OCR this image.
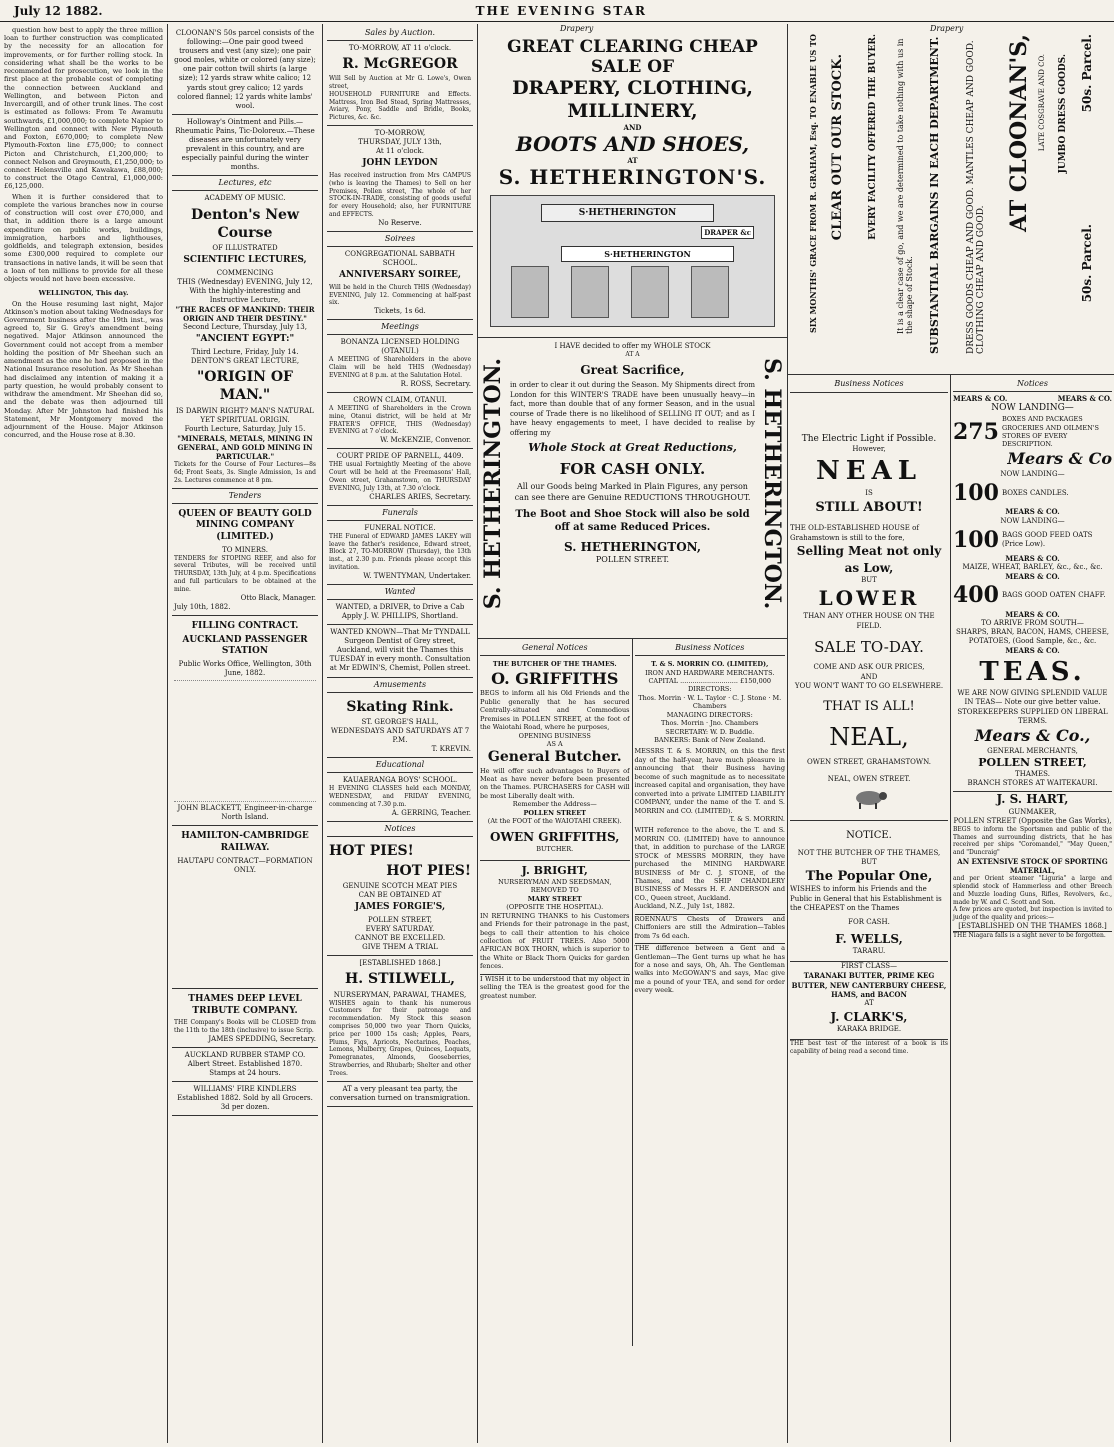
July 12 1882.	THE EVENING STAR
Drapery	Drapery

question how best to apply the three million loan to further construction was complicated by the necessity for an allocation for improvements, or for further rolling stock. In considering what shall be the works to be recommended for prosecution, we look in the first place at the probable cost of completing the connection between Auckland and Wellington, and between Picton and Invercargill, and of other trunk lines. The cost is estimated as follows: From Te Awamutu southwards, £1,000,000; to complete Napier to Wellington and connect with New Plymouth and Foxton, £670,000; to complete New Plymouth-Foxton line £75,000; to connect Picton and Christchurch, £1,200,000; to connect Nelson and Greymouth, £1,250,000; to connect Helensville and Kawakawa, £88,000; to construct the Otago Central, £1,000,000: £6,125,000.

When it is further considered that to complete the various branches now in course of construction will cost over £70,000, and that, in addition there is a large amount expenditure on public works, buildings, immigration, harbors and lighthouses, goldfields, and telegraph extension, besides some £300,000 required to complete our transactions in native lands, it will be seen that a loan of ten millions to provide for all these objects would not have been excessive.

WELLINGTON, This day.

On the House resuming last night, Major Atkinson's motion about taking Wednesdays for Government business after the 19th inst., was agreed to, Sir G. Grey's amendment being negatived. Major Atkinson announced the Government could not accept from a member holding the position of Mr Sheehan such an amendment as the one he had proposed in the National Insurance resolution. As Mr Sheehan had disclaimed any intention of making it a party question, he would probably consent to withdraw the amendment. Mr Sheehan did so, and the debate was then adjourned till Monday. After Mr Johnston had finished his Statement, Mr Montgomery moved the adjournment of the House. Major Atkinson concurred, and the House rose at 8.30.

CLOONAN'S 50s parcel consists of the following:—One pair good tweed trousers and vest (any size); one pair good moles, white or colored (any size); one pair cotton twill shirts (a large size); 12 yards straw white calico; 12 yards stout grey calico; 12 yards colored flannel; 12 yards white lambs' wool.
Holloway's Ointment and Pills.—Rheumatic Pains, Tic-Doloreux.—These diseases are unfortunately very prevalent in this country, and are especially painful during the winter months.
Lectures, etc
ACADEMY OF MUSIC.
Denton's New Course
OF ILLUSTRATED
SCIENTIFIC LECTURES,
COMMENCING
THIS (Wednesday) EVENING, July 12, With the highly-interesting and Instructive Lecture,
"THE RACES OF MANKIND: THEIR ORIGIN AND THEIR DESTINY."
Second Lecture, Thursday, July 13,
"ANCIENT EGYPT:"
Third Lecture, Friday, July 14. DENTON'S GREAT LECTURE,
"ORIGIN OF MAN."
IS DARWIN RIGHT? MAN'S NATURAL YET SPIRITUAL ORIGIN.
Fourth Lecture, Saturday, July 15.
"MINERALS, METALS, MINING IN GENERAL, AND GOLD MINING IN PARTICULAR."
Tickets for the Course of Four Lectures—8s 6d; Front Seats, 3s. Single Admission, 1s and 2s. Lectures commence at 8 pm.
Tenders
QUEEN OF BEAUTY GOLD MINING COMPANY (LIMITED.)
TO MINERS.
TENDERS for STOPING REEF, and also for several Tributes, will be received until THURSDAY, 13th July, at 4 p.m. Specifications and full particulars to be obtained at the mine.
Otto Black, Manager.
July 10th, 1882.
FILLING CONTRACT.
AUCKLAND PASSENGER STATION
Public Works Office, Wellington, 30th June, 1882.
JOHN BLACKETT, Engineer-in-charge North Island.
HAMILTON-CAMBRIDGE RAILWAY.
HAUTAPU CONTRACT—FORMATION ONLY.
THAMES DEEP LEVEL TRIBUTE COMPANY.
THE Company's Books will be CLOSED from the 11th to the 18th (inclusive) to issue Scrip.
JAMES SPEDDING, Secretary.
AUCKLAND RUBBER STAMP CO. Albert Street. Established 1870. Stamps at 24 hours.
WILLIAMS' FIRE KINDLERS Established 1882. Sold by all Grocers. 3d per dozen.
Sales by Auction.
TO-MORROW, AT 11 o'clock.
R. McGREGOR
Will Sell by Auction at Mr G. Lowe's, Owen street,
HOUSEHOLD FURNITURE and Effects. Mattress, Iron Bed Stead, Spring Mattresses, Aviary, Pony, Saddle and Bridle, Books, Pictures, &c. &c.
TO-MORROW,
THURSDAY, JULY 13th,
At 11 o'clock.
JOHN LEYDON
Has received instruction from Mrs CAMPUS (who is leaving the Thames) to Sell on her Premises, Pollen street, The whole of her STOCK-IN-TRADE, consisting of goods useful for every Household; also, her FURNITURE and EFFECTS.
No Reserve.
Soirees
CONGREGATIONAL SABBATH SCHOOL.
ANNIVERSARY SOIREE,
Will be held in the Church THIS (Wednesday) EVENING, July 12. Commencing at half-past six.
Tickets, 1s 6d.
Meetings
BONANZA LICENSED HOLDING (OTANUI.)
A MEETING of Shareholders in the above Claim will be held THIS (Wednesday) EVENING at 8 p.m. at the Salutation Hotel.
R. ROSS, Secretary.
CROWN CLAIM, OTANUI.
A MEETING of Shareholders in the Crown mine, Otanui district, will be held at Mr FRATER'S OFFICE, THIS (Wednesday) EVENING at 7 o'clock.
W. McKENZIE, Convenor.
COURT PRIDE OF PARNELL, 4409.
THE usual Fortnightly Meeting of the above Court will be held at the Freemasons' Hall, Owen street, Grahamstown, on THURSDAY EVENING, July 13th, at 7.30 o'clock.
CHARLES ARIES, Secretary.
Funerals
FUNERAL NOTICE.
THE Funeral of EDWARD JAMES LAKEY will leave the father's residence, Edward street, Block 27, TO-MORROW (Thursday), the 13th inst., at 2.30 p.m. Friends please accept this invitation.
W. TWENTYMAN, Undertaker.
Wanted
WANTED, a DRIVER, to Drive a Cab Apply J. W. PHILLIPS, Shortland.
WANTED KNOWN—That Mr TYNDALL Surgeon Dentist of Grey street, Auckland, will visit the Thames this TUESDAY in every month. Consultation at Mr EDWIN'S, Chemist, Pollen street.
Amusements
Skating Rink.
ST. GEORGE'S HALL,
WEDNESDAYS AND SATURDAYS AT 7 P.M.
T. KREVIN.
Educational
KAUAERANGA BOYS' SCHOOL.
H EVENING CLASSES held each MONDAY, WEDNESDAY, and FRIDAY EVENING, commencing at 7.30 p.m.
A. GERRING, Teacher.
Notices
HOT PIES!
HOT PIES!
GENUINE SCOTCH MEAT PIES
CAN BE OBTAINED AT
JAMES FORGIE'S,
POLLEN STREET,
EVERY SATURDAY.
CANNOT BE EXCELLED.
GIVE THEM A TRIAL
[ESTABLISHED 1868.]
H. STILWELL,
NURSERYMAN, PARAWAI, THAMES,
WISHES again to thank his numerous Customers for their patronage and recommendation. My Stock this season comprises 50,000 two year Thorn Quicks, price per 1000 15s cash; Apples, Pears, Plums, Figs, Apricots, Nectarines, Peaches, Lemons, Mulberry, Grapes, Quinces, Loquats, Pomegranates, Almonds, Gooseberries, Strawberries, and Rhubarb; Shelter and other Trees.
AT a very pleasant tea party, the conversation turned on transmigration.
GREAT CLEARING CHEAP
SALE OF
DRAPERY, CLOTHING, MILLINERY,
AND
BOOTS AND SHOES,
AT
S. HETHERINGTON'S.
S·HETHERINGTON
S·HETHERINGTON
DRAPER &c
S. HETHERINGTON.	S. HETHERINGTON.
I HAVE decided to offer my WHOLE STOCK
AT A
Great Sacrifice,
in order to clear it out during the Season. My Shipments direct from London for this WINTER'S TRADE have been unusually heavy—in fact, more than double that of any former Season, and in the usual course of Trade there is no likelihood of SELLING IT OUT; and as I have heavy engagements to meet, I have decided to realise by offering my
Whole Stock at Great Reductions,
FOR CASH ONLY.
All our Goods being Marked in Plain Figures, any person can see there are Genuine REDUCTIONS THROUGHOUT.
The Boot and Shoe Stock will also be sold off at same Reduced Prices.
S. HETHERINGTON,
POLLEN STREET.
General Notices
THE BUTCHER OF THE THAMES.
O. GRIFFITHS
BEGS to inform all his Old Friends and the Public generally that he has secured Centrally-situated and Commodious Premises in POLLEN STREET, at the foot of the Waiotahi Road, where he purposes,
OPENING BUSINESS
AS A
General Butcher.
He will offer such advantages to Buyers of Meat as have never before been presented on the Thames. PURCHASERS for CASH will be most Liberally dealt with.
Remember the Address—
POLLEN STREET
(At the FOOT of the WAIOTAHI CREEK).
OWEN GRIFFITHS,
BUTCHER.
J. BRIGHT,
NURSERYMAN AND SEEDSMAN, REMOVED TO
MARY STREET
(OPPOSITE THE HOSPITAL).
IN RETURNING THANKS to his Customers and Friends for their patronage in the past, begs to call their attention to his choice collection of FRUIT TREES. Also 5000 AFRICAN BOX THORN, which is superior to the White or Black Thorn Quicks for garden fences.
I WISH it to be understood that my object in selling the TEA is the greatest good for the greatest number.
Business Notices
T. & S. MORRIN CO. (LIMITED),
IRON AND HARDWARE MERCHANTS.
CAPITAL ............................ £150,000
DIRECTORS:
Thos. Morrin · W. L. Taylor · C. J. Stone · M. Chambers
MANAGING DIRECTORS:
Thos. Morrin · Jno. Chambers
SECRETARY: W. D. Buddle.
BANKERS: Bank of New Zealand.
MESSRS T. & S. MORRIN, on this the first day of the half-year, have much pleasure in announcing that their Business having become of such magnitude as to necessitate increased capital and organisation, they have converted into a private LIMITED LIABILITY COMPANY, under the name of the T. and S. MORRIN and CO. (LIMITED).
T. & S. MORRIN.
WITH reference to the above, the T. and S. MORRIN CO. (LIMITED) have to announce that, in addition to purchase of the LARGE STOCK of MESSRS MORRIN, they have purchased the MINING HARDWARE BUSINESS of Mr C. J. STONE, of the Thames, and the SHIP CHANDLERY BUSINESS of Messrs H. F. ANDERSON and CO., Queen street, Auckland.
Auckland, N.Z., July 1st, 1882.
ROENNAU'S Chests of Drawers and Chiffoniers are still the Admiration—Tables from 7s 6d each.
THE difference between a Gent and a Gentleman—The Gent turns up what he has for a nose and says, Oh, Ah. The Gentleman walks into McGOWAN'S and says, Mac give me a pound of your TEA, and send for order every week.
SIX MONTHS' GRACE FROM R. GRAHAM, Esq. TO ENABLE US TO CLEAR OUT OUR STOCK.	EVERY FACILITY OFFERED THE BUYER. It is a clear case of go, and we are determined to take nothing with us in the shape of Stock. SUBSTANTIAL BARGAINS IN EACH DEPARTMENT.	DRESS GOODS CHEAP AND GOOD. MANTLES CHEAP AND GOOD. CLOTHING CHEAP AND GOOD.
AT CLOONAN'S, LATE COSGRAVE AND CO. JUMBO DRESS GOODS. 50s. Parcel.
50s. Parcel.
Business Notices
The Electric Light if Possible.
However,
NEAL
IS
STILL ABOUT!
THE OLD-ESTABLISHED HOUSE of Grahamstown is still to the fore,
Selling Meat not only as Low,
BUT
LOWER
THAN ANY OTHER HOUSE ON THE FIELD.
SALE TO-DAY.
COME AND ASK OUR PRICES,
AND
YOU WON'T WANT TO GO ELSEWHERE.
THAT IS ALL!
NEAL,
OWEN STREET, GRAHAMSTOWN.
NEAL, OWEN STREET.
NOTICE.
NOT THE BUTCHER OF THE THAMES, BUT
The Popular One,
WISHES to inform his Friends and the Public in General that his Establishment is the CHEAPEST on the Thames
FOR CASH.
F. WELLS,
TARARU.
FIRST CLASS—
TARANAKI BUTTER, PRIME KEG BUTTER, NEW CANTERBURY CHEESE, HAMS, and BACON
AT
J. CLARK'S,
KARAKA BRIDGE.
THE best test of the interest of a book is its capability of being read a second time.
Notices
MEARS & CO.	MEARS & CO.
NOW LANDING—
275 BOXES AND PACKAGES GROCERIES AND OILMEN'S STORES OF EVERY DESCRIPTION.
Mears & Co
NOW LANDING—
100 BOXES CANDLES.
MEARS & CO.
NOW LANDING—
100 BAGS GOOD FEED OATS (Price Low).
MEARS & CO.
MAIZE, WHEAT, BARLEY, &c., &c., &c.
MEARS & CO.
400 BAGS GOOD OATEN CHAFF.
MEARS & CO.
TO ARRIVE FROM SOUTH—
SHARPS, BRAN, BACON, HAMS, CHEESE, POTATOES, (Good Sample, &c., &c.
MEARS & CO.
TEAS.
WE ARE NOW GIVING SPLENDID VALUE IN TEAS— Note our give better value.
STOREKEEPERS SUPPLIED ON LIBERAL TERMS.
Mears & Co.,
GENERAL MERCHANTS,
POLLEN STREET,
THAMES.
BRANCH STORES AT WAITEKAURI.
J. S. HART,
GUNMAKER,
POLLEN STREET (Opposite the Gas Works),
BEGS to inform the Sportsmen and public of the Thames and surrounding districts, that he has received per ships "Coromandel," "May Queen," and "Duncraig"
AN EXTENSIVE STOCK OF SPORTING MATERIAL,
and per Orient steamer "Liguria" a large and splendid stock of Hammerless and other Breech and Muzzle loading Guns, Rifles, Revolvers, &c., made by W. and C. Scott and Son.
A few prices are quoted, but inspection is invited to judge of the quality and prices:—
[ESTABLISHED ON THE THAMES 1868.]
THE Niagara falls is a sight never to be forgotten.
